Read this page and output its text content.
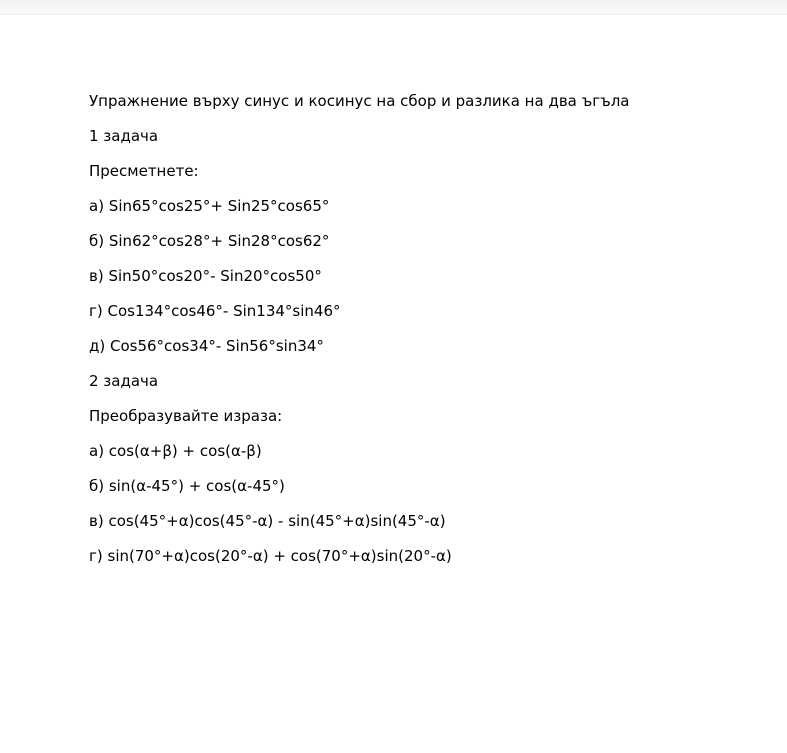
Упражнение върху синус и косинус на сбор и разлика на два ъгъла
1 задача
Пресметнете:
а) Sin65°cos25°+ Sin25°cos65°
б) Sin62°cos28°+ Sin28°cos62°
в) Sin50°cos20°- Sin20°cos50°
г) Cos134°cos46°- Sin134°sin46°
д) Cos56°cos34°- Sin56°sin34°
2 задача
Преобразувайте израза:
а) cos(α+β) + cos(α-β)
б) sin(α-45°) + cos(α-45°)
в) cos(45°+α)cos(45°-α) - sin(45°+α)sin(45°-α)
г) sin(70°+α)cos(20°-α) + cos(70°+α)sin(20°-α)
